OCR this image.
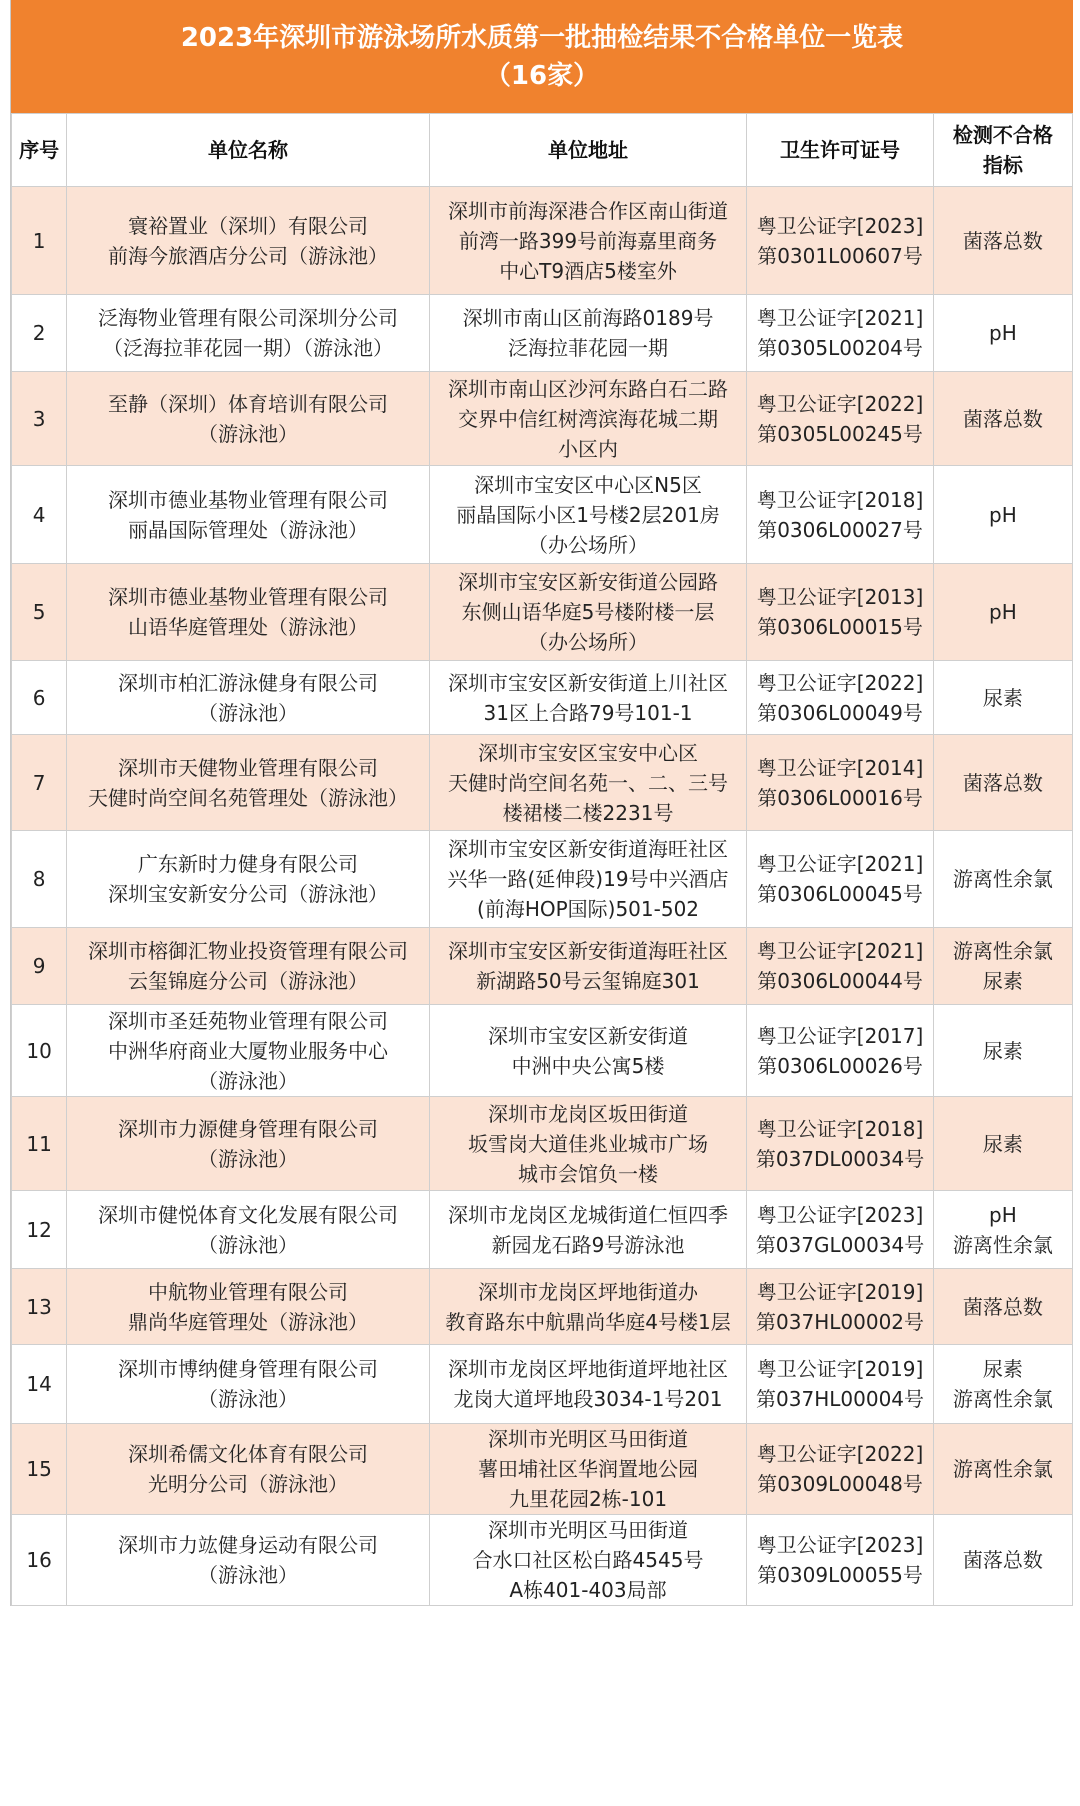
2023年深圳市游泳场所水质第一批抽检结果不合格单位一览表
（16家）
序号	单位名称	单位地址	卫生许可证号	检测不合格
指标

1	寰裕置业（深圳）有限公司
前海今旅酒店分公司（游泳池）	深圳市前海深港合作区南山街道
前湾一路399号前海嘉里商务
中心T9酒店5楼室外	粤卫公证字[2023]
第0301L00607号	菌落总数

2	泛海物业管理有限公司深圳分公司
（泛海拉菲花园一期）（游泳池）	深圳市南山区前海路0189号
泛海拉菲花园一期	粤卫公证字[2021]
第0305L00204号	pH

3	至静（深圳）体育培训有限公司
（游泳池）	深圳市南山区沙河东路白石二路
交界中信红树湾滨海花城二期
小区内	粤卫公证字[2022]
第0305L00245号	菌落总数

4	深圳市德业基物业管理有限公司
丽晶国际管理处（游泳池）	深圳市宝安区中心区N5区
丽晶国际小区1号楼2层201房
（办公场所）	粤卫公证字[2018]
第0306L00027号	pH

5	深圳市德业基物业管理有限公司
山语华庭管理处（游泳池）	深圳市宝安区新安街道公园路
东侧山语华庭5号楼附楼一层
（办公场所）	粤卫公证字[2013]
第0306L00015号	pH

6	深圳市柏汇游泳健身有限公司
（游泳池）	深圳市宝安区新安街道上川社区
31区上合路79号101-1	粤卫公证字[2022]
第0306L00049号	尿素

7	深圳市天健物业管理有限公司
天健时尚空间名苑管理处（游泳池）	深圳市宝安区宝安中心区
天健时尚空间名苑一、二、三号
楼裙楼二楼2231号	粤卫公证字[2014]
第0306L00016号	菌落总数

8	广东新时力健身有限公司
深圳宝安新安分公司（游泳池）	深圳市宝安区新安街道海旺社区
兴华一路(延伸段)19号中兴酒店
(前海HOP国际)501-502	粤卫公证字[2021]
第0306L00045号	游离性余氯

9	深圳市榕御汇物业投资管理有限公司
云玺锦庭分公司（游泳池）	深圳市宝安区新安街道海旺社区
新湖路50号云玺锦庭301	粤卫公证字[2021]
第0306L00044号	游离性余氯
尿素

10	深圳市圣廷苑物业管理有限公司
中洲华府商业大厦物业服务中心
（游泳池）	深圳市宝安区新安街道
中洲中央公寓5楼	粤卫公证字[2017]
第0306L00026号	尿素

11	深圳市力源健身管理有限公司
（游泳池）	深圳市龙岗区坂田街道
坂雪岗大道佳兆业城市广场
城市会馆负一楼	粤卫公证字[2018]
第037DL00034号	尿素

12	深圳市健悦体育文化发展有限公司
（游泳池）	深圳市龙岗区龙城街道仁恒四季
新园龙石路9号游泳池	粤卫公证字[2023]
第037GL00034号	pH
游离性余氯

13	中航物业管理有限公司
鼎尚华庭管理处（游泳池）	深圳市龙岗区坪地街道办
教育路东中航鼎尚华庭4号楼1层	粤卫公证字[2019]
第037HL00002号	菌落总数

14	深圳市博纳健身管理有限公司
（游泳池）	深圳市龙岗区坪地街道坪地社区
龙岗大道坪地段3034-1号201	粤卫公证字[2019]
第037HL00004号	尿素
游离性余氯

15	深圳希儒文化体育有限公司
光明分公司（游泳池）	深圳市光明区马田街道
薯田埔社区华润置地公园
九里花园2栋-101	粤卫公证字[2022]
第0309L00048号	游离性余氯

16	深圳市力竑健身运动有限公司
（游泳池）	深圳市光明区马田街道
合水口社区松白路4545号
A栋401-403局部	粤卫公证字[2023]
第0309L00055号	菌落总数
